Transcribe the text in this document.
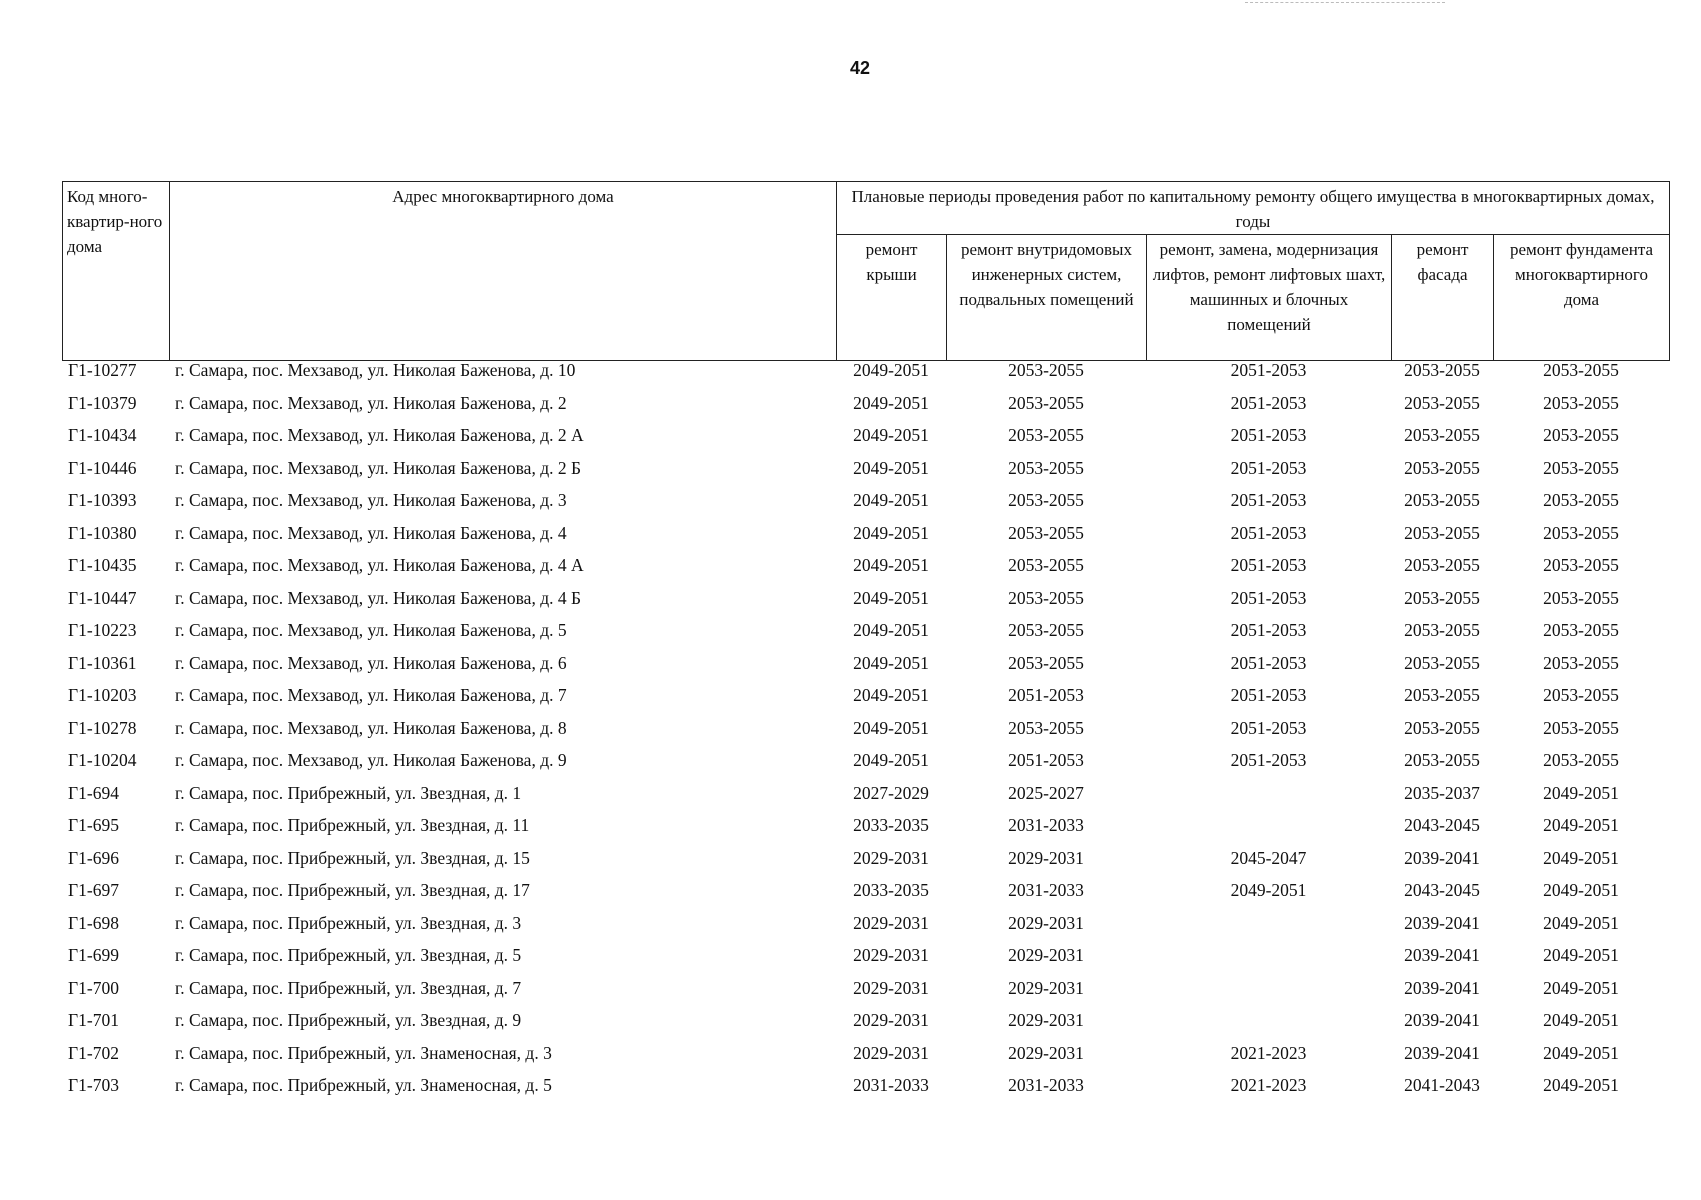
42
Код много-квартир-ного дома	Адрес многоквартирного дома	Плановые периоды проведения работ по капитальному ремонту общего имущества в многоквартирных домах, годы				
		ремонт крыши	ремонт внутридомовых инженерных систем, подвальных помещений	ремонт, замена, модернизация лифтов, ремонт лифтовых шахт, машинных и блочных помещений	ремонт фасада	ремонт фундамента многоквартирного дома
Г1-10277	г. Самара, пос. Мехзавод, ул. Николая Баженова, д. 10	2049-2051	2053-2055	2051-2053	2053-2055	2053-2055
Г1-10379	г. Самара, пос. Мехзавод, ул. Николая Баженова, д. 2	2049-2051	2053-2055	2051-2053	2053-2055	2053-2055
Г1-10434	г. Самара, пос. Мехзавод, ул. Николая Баженова, д. 2 А	2049-2051	2053-2055	2051-2053	2053-2055	2053-2055
Г1-10446	г. Самара, пос. Мехзавод, ул. Николая Баженова, д. 2 Б	2049-2051	2053-2055	2051-2053	2053-2055	2053-2055
Г1-10393	г. Самара, пос. Мехзавод, ул. Николая Баженова, д. 3	2049-2051	2053-2055	2051-2053	2053-2055	2053-2055
Г1-10380	г. Самара, пос. Мехзавод, ул. Николая Баженова, д. 4	2049-2051	2053-2055	2051-2053	2053-2055	2053-2055
Г1-10435	г. Самара, пос. Мехзавод, ул. Николая Баженова, д. 4 А	2049-2051	2053-2055	2051-2053	2053-2055	2053-2055
Г1-10447	г. Самара, пос. Мехзавод, ул. Николая Баженова, д. 4 Б	2049-2051	2053-2055	2051-2053	2053-2055	2053-2055
Г1-10223	г. Самара, пос. Мехзавод, ул. Николая Баженова, д. 5	2049-2051	2053-2055	2051-2053	2053-2055	2053-2055
Г1-10361	г. Самара, пос. Мехзавод, ул. Николая Баженова, д. 6	2049-2051	2053-2055	2051-2053	2053-2055	2053-2055
Г1-10203	г. Самара, пос. Мехзавод, ул. Николая Баженова, д. 7	2049-2051	2051-2053	2051-2053	2053-2055	2053-2055
Г1-10278	г. Самара, пос. Мехзавод, ул. Николая Баженова, д. 8	2049-2051	2053-2055	2051-2053	2053-2055	2053-2055
Г1-10204	г. Самара, пос. Мехзавод, ул. Николая Баженова, д. 9	2049-2051	2051-2053	2051-2053	2053-2055	2053-2055
Г1-694	г. Самара, пос. Прибрежный, ул. Звездная, д. 1	2027-2029	2025-2027		2035-2037	2049-2051
Г1-695	г. Самара, пос. Прибрежный, ул. Звездная, д. 11	2033-2035	2031-2033		2043-2045	2049-2051
Г1-696	г. Самара, пос. Прибрежный, ул. Звездная, д. 15	2029-2031	2029-2031	2045-2047	2039-2041	2049-2051
Г1-697	г. Самара, пос. Прибрежный, ул. Звездная, д. 17	2033-2035	2031-2033	2049-2051	2043-2045	2049-2051
Г1-698	г. Самара, пос. Прибрежный, ул. Звездная, д. 3	2029-2031	2029-2031		2039-2041	2049-2051
Г1-699	г. Самара, пос. Прибрежный, ул. Звездная, д. 5	2029-2031	2029-2031		2039-2041	2049-2051
Г1-700	г. Самара, пос. Прибрежный, ул. Звездная, д. 7	2029-2031	2029-2031		2039-2041	2049-2051
Г1-701	г. Самара, пос. Прибрежный, ул. Звездная, д. 9	2029-2031	2029-2031		2039-2041	2049-2051
Г1-702	г. Самара, пос. Прибрежный, ул. Знаменосная, д. 3	2029-2031	2029-2031	2021-2023	2039-2041	2049-2051
Г1-703	г. Самара, пос. Прибрежный, ул. Знаменосная, д. 5	2031-2033	2031-2033	2021-2023	2041-2043	2049-2051
